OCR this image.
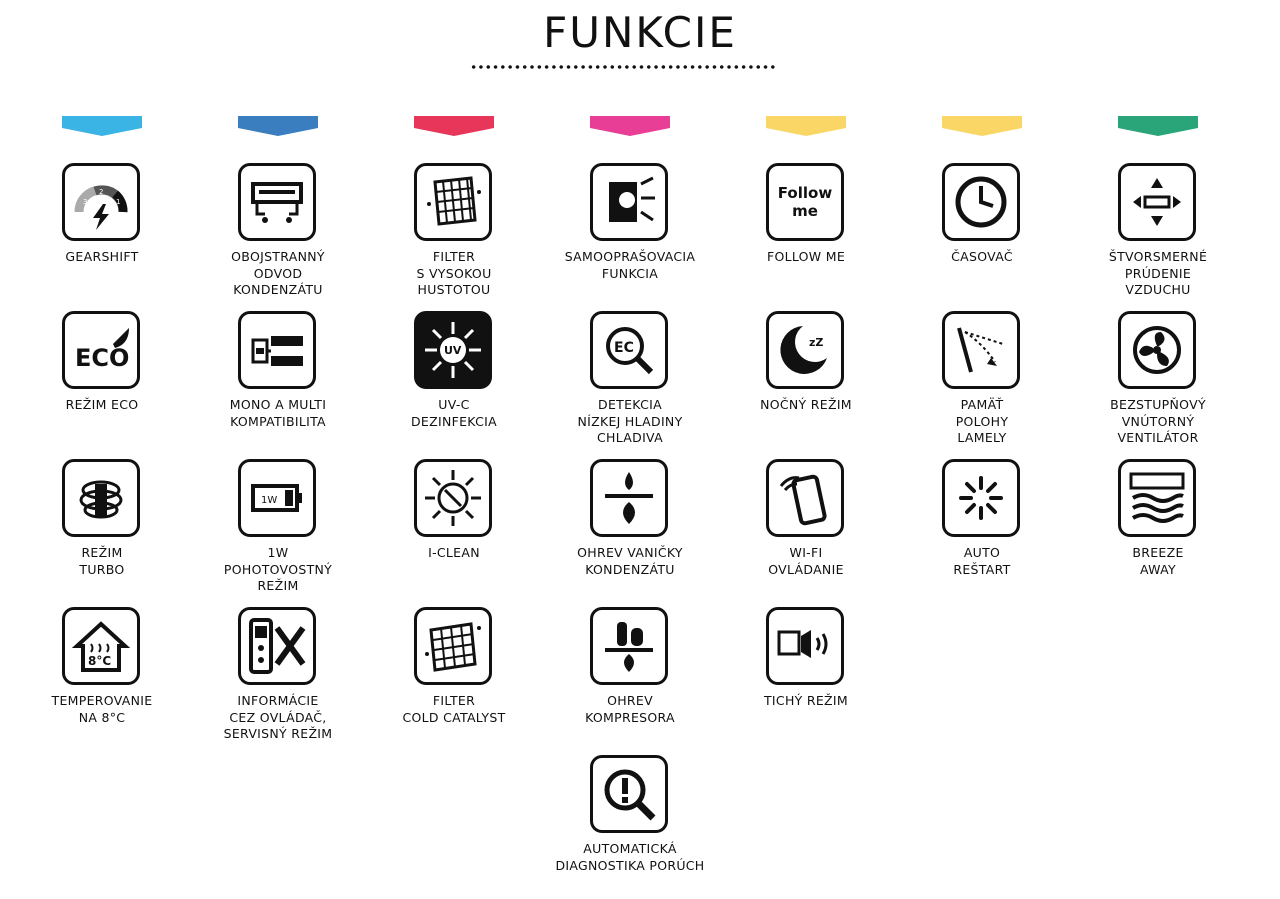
FUNKCIE
3
2
1
GEARSHIFT
ECO
REŽIM ECO
REŽIM
TURBO
8°C
TEMPEROVANIE
NA 8°C
OBOJSTRANNÝ
ODVOD
KONDENZÁTU
MONO A MULTI
KOMPATIBILITA
1W
1W
POHOTOVOSTNÝ
REŽIM
INFORMÁCIE
CEZ OVLÁDAČ,
SERVISNÝ REŽIM
FILTER
S VYSOKOU
HUSTOTOU
UV
UV-C
DEZINFEKCIA
I-CLEAN
FILTER
COLD CATALYST
SAMOOPRAŠOVACIA
FUNKCIA
EC
DETEKCIA
NÍZKEJ HLADINY
CHLADIVA
OHREV VANIČKY
KONDENZÁTU
OHREV
KOMPRESORA
AUTOMATICKÁ
DIAGNOSTIKA PORÚCH
Follow
me
FOLLOW ME
zZ
NOČNÝ REŽIM
WI-FI
OVLÁDANIE
TICHÝ REŽIM
ČASOVAČ
PAMÄŤ
POLOHY
LAMELY
AUTO
REŠTART
ŠTVORSMERNÉ
PRÚDENIE
VZDUCHU
BEZSTUPŇOVÝ
VNÚTORNÝ
VENTILÁTOR
BREEZE
AWAY
